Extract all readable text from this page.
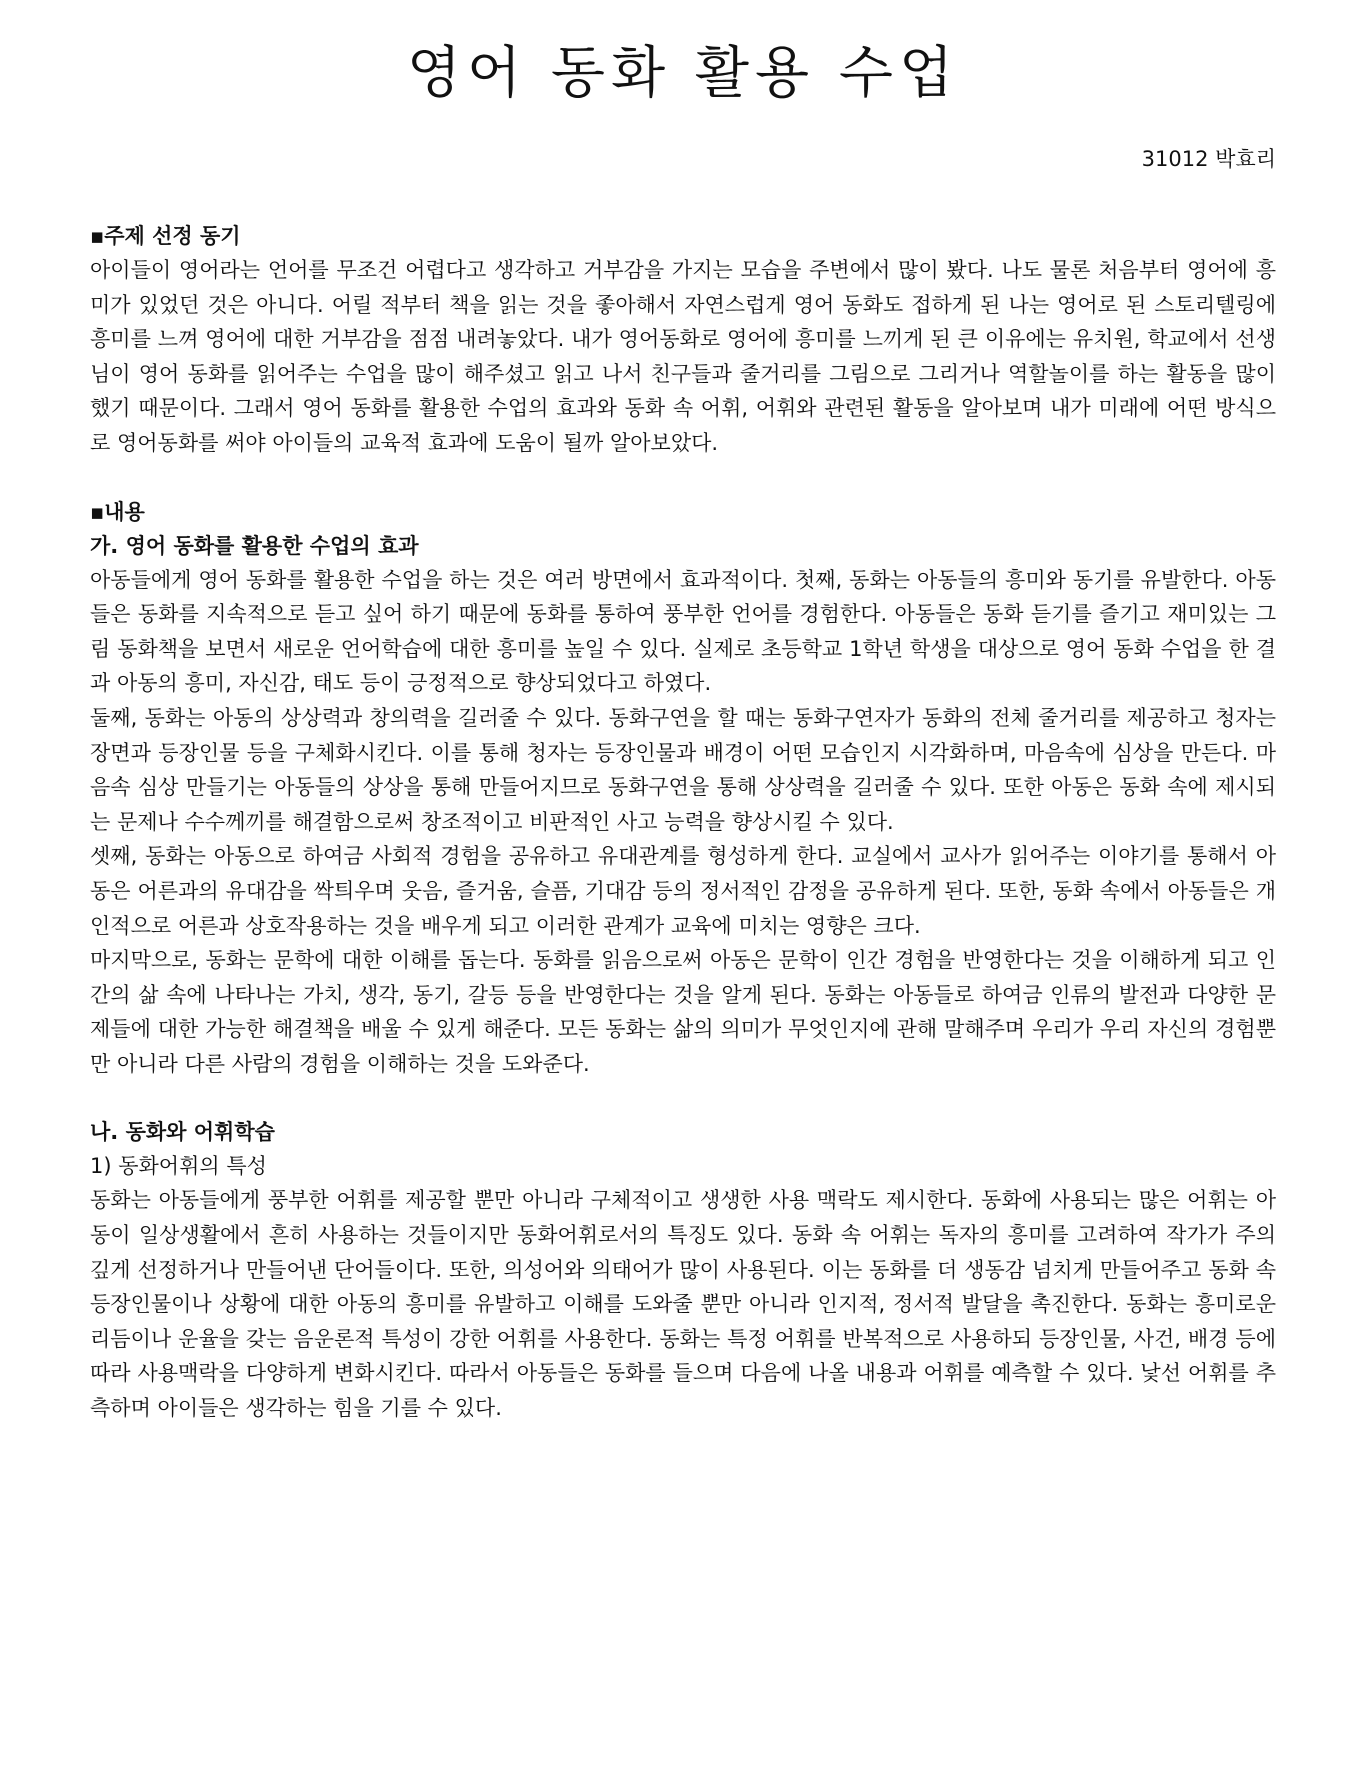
영어 동화 활용 수업
31012 박효리
▪주제 선정 동기

아이들이 영어라는 언어를 무조건 어렵다고 생각하고 거부감을 가지는 모습을 주변에서 많이 봤다. 나도 물론 처음부터 영어에 흥미가 있었던 것은 아니다. 어릴 적부터 책을 읽는 것을 좋아해서 자연스럽게 영어 동화도 접하게 된 나는 영어로 된 스토리텔링에 흥미를 느껴 영어에 대한 거부감을 점점 내려놓았다. 내가 영어동화로 영어에 흥미를 느끼게 된 큰 이유에는 유치원, 학교에서 선생님이 영어 동화를 읽어주는 수업을 많이 해주셨고 읽고 나서 친구들과 줄거리를 그림으로 그리거나 역할놀이를 하는 활동을 많이 했기 때문이다. 그래서 영어 동화를 활용한 수업의 효과와 동화 속 어휘, 어휘와 관련된 활동을 알아보며 내가 미래에 어떤 방식으로 영어동화를 써야 아이들의 교육적 효과에 도움이 될까 알아보았다.

▪내용
가. 영어 동화를 활용한 수업의 효과

아동들에게 영어 동화를 활용한 수업을 하는 것은 여러 방면에서 효과적이다. 첫째, 동화는 아동들의 흥미와 동기를 유발한다. 아동들은 동화를 지속적으로 듣고 싶어 하기 때문에 동화를 통하여 풍부한 언어를 경험한다. 아동들은 동화 듣기를 즐기고 재미있는 그림 동화책을 보면서 새로운 언어학습에 대한 흥미를 높일 수 있다. 실제로 초등학교 1학년 학생을 대상으로 영어 동화 수업을 한 결과 아동의 흥미, 자신감, 태도 등이 긍정적으로 향상되었다고 하였다.

둘째, 동화는 아동의 상상력과 창의력을 길러줄 수 있다. 동화구연을 할 때는 동화구연자가 동화의 전체 줄거리를 제공하고 청자는 장면과 등장인물 등을 구체화시킨다. 이를 통해 청자는 등장인물과 배경이 어떤 모습인지 시각화하며, 마음속에 심상을 만든다. 마음속 심상 만들기는 아동들의 상상을 통해 만들어지므로 동화구연을 통해 상상력을 길러줄 수 있다. 또한 아동은 동화 속에 제시되는 문제나 수수께끼를 해결함으로써 창조적이고 비판적인 사고 능력을 향상시킬 수 있다.

셋째, 동화는 아동으로 하여금 사회적 경험을 공유하고 유대관계를 형성하게 한다. 교실에서 교사가 읽어주는 이야기를 통해서 아동은 어른과의 유대감을 싹틔우며 웃음, 즐거움, 슬픔, 기대감 등의 정서적인 감정을 공유하게 된다. 또한, 동화 속에서 아동들은 개인적으로 어른과 상호작용하는 것을 배우게 되고 이러한 관계가 교육에 미치는 영향은 크다.

마지막으로, 동화는 문학에 대한 이해를 돕는다. 동화를 읽음으로써 아동은 문학이 인간 경험을 반영한다는 것을 이해하게 되고 인간의 삶 속에 나타나는 가치, 생각, 동기, 갈등 등을 반영한다는 것을 알게 된다. 동화는 아동들로 하여금 인류의 발전과 다양한 문제들에 대한 가능한 해결책을 배울 수 있게 해준다. 모든 동화는 삶의 의미가 무엇인지에 관해 말해주며 우리가 우리 자신의 경험뿐만 아니라 다른 사람의 경험을 이해하는 것을 도와준다.

나. 동화와 어휘학습
1) 동화어휘의 특성

동화는 아동들에게 풍부한 어휘를 제공할 뿐만 아니라 구체적이고 생생한 사용 맥락도 제시한다. 동화에 사용되는 많은 어휘는 아동이 일상생활에서 흔히 사용하는 것들이지만 동화어휘로서의 특징도 있다. 동화 속 어휘는 독자의 흥미를 고려하여 작가가 주의 깊게 선정하거나 만들어낸 단어들이다. 또한, 의성어와 의태어가 많이 사용된다. 이는 동화를 더 생동감 넘치게 만들어주고 동화 속 등장인물이나 상황에 대한 아동의 흥미를 유발하고 이해를 도와줄 뿐만 아니라 인지적, 정서적 발달을 촉진한다. 동화는 흥미로운 리듬이나 운율을 갖는 음운론적 특성이 강한 어휘를 사용한다. 동화는 특정 어휘를 반복적으로 사용하되 등장인물, 사건, 배경 등에 따라 사용맥락을 다양하게 변화시킨다. 따라서 아동들은 동화를 들으며 다음에 나올 내용과 어휘를 예측할 수 있다. 낯선 어휘를 추측하며 아이들은 생각하는 힘을 기를 수 있다.
